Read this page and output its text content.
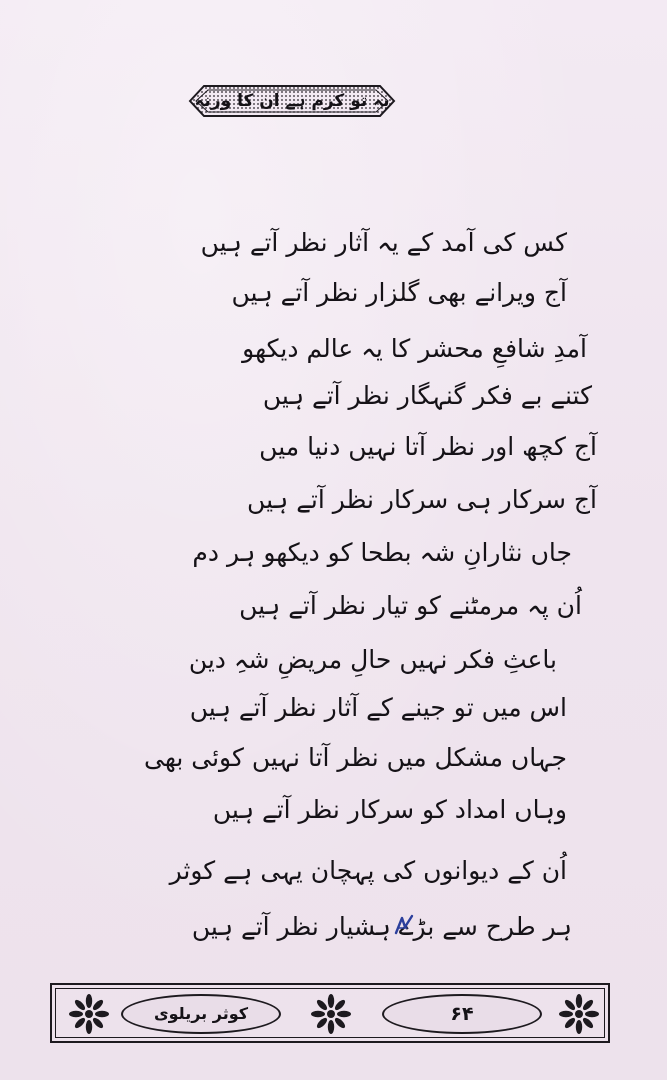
یہ تو کرم ہے ان کا ورنہ
کس کی آمد کے یہ آثار نظر آتے ہیں
آج ویرانے بھی گلزار نظر آتے ہیں
آمدِ شافعِ محشر کا یہ عالم دیکھو
کتنے بے فکر گنہگار نظر آتے ہیں
آج کچھ اور نظر آتا نہیں دنیا میں
آج سرکار ہی سرکار نظر آتے ہیں
جاں نثارانِ شہ بطحا کو دیکھو ہر دم
اُن پہ مرمٹنے کو تیار نظر آتے ہیں
باعثِ فکر نہیں حالِ مریضِ شہِ دین
اس میں تو جینے کے آثار نظر آتے ہیں
جہاں مشکل میں نظر آتا نہیں کوئی بھی
وہاں امداد کو سرکار نظر آتے ہیں
اُن کے دیوانوں کی پہچان یہی ہے کوثر
ہر طرح سے بڑے ہشیار نظر آتے ہیں
کوثر بریلوی	۶۴
